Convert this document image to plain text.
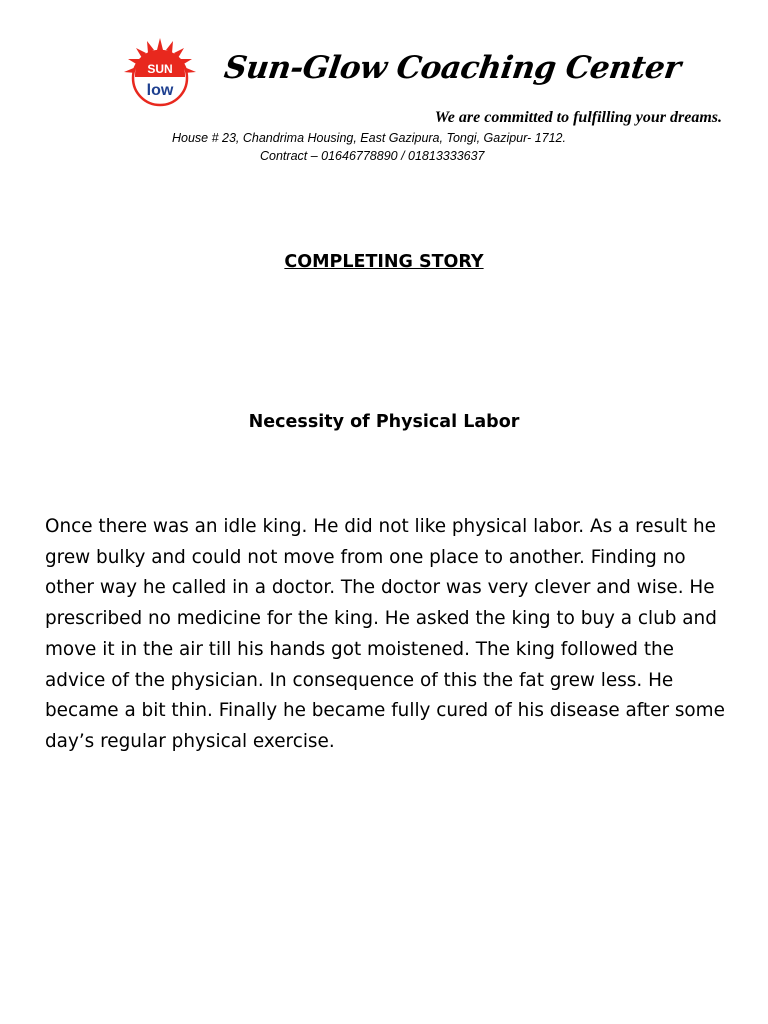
SUN
low
Sun-Glow Coaching Center
We are committed to fulfilling your dreams.
House # 23, Chandrima Housing, East Gazipura, Tongi, Gazipur- 1712.
Contract – 01646778890 / 01813333637
COMPLETING STORY
Necessity of Physical Labor

Once there was an idle king. He did not like physical labor. As a result he grew bulky and could not move from one place to another. Finding no other way he called in a doctor. The doctor was very clever and wise. He prescribed no medicine for the king. He asked the king to buy a club and move it in the air till his hands got moistened. The king followed the advice of the physician. In consequence of this the fat grew less. He became a bit thin. Finally he became fully cured of his disease after some day’s regular physical exercise.
